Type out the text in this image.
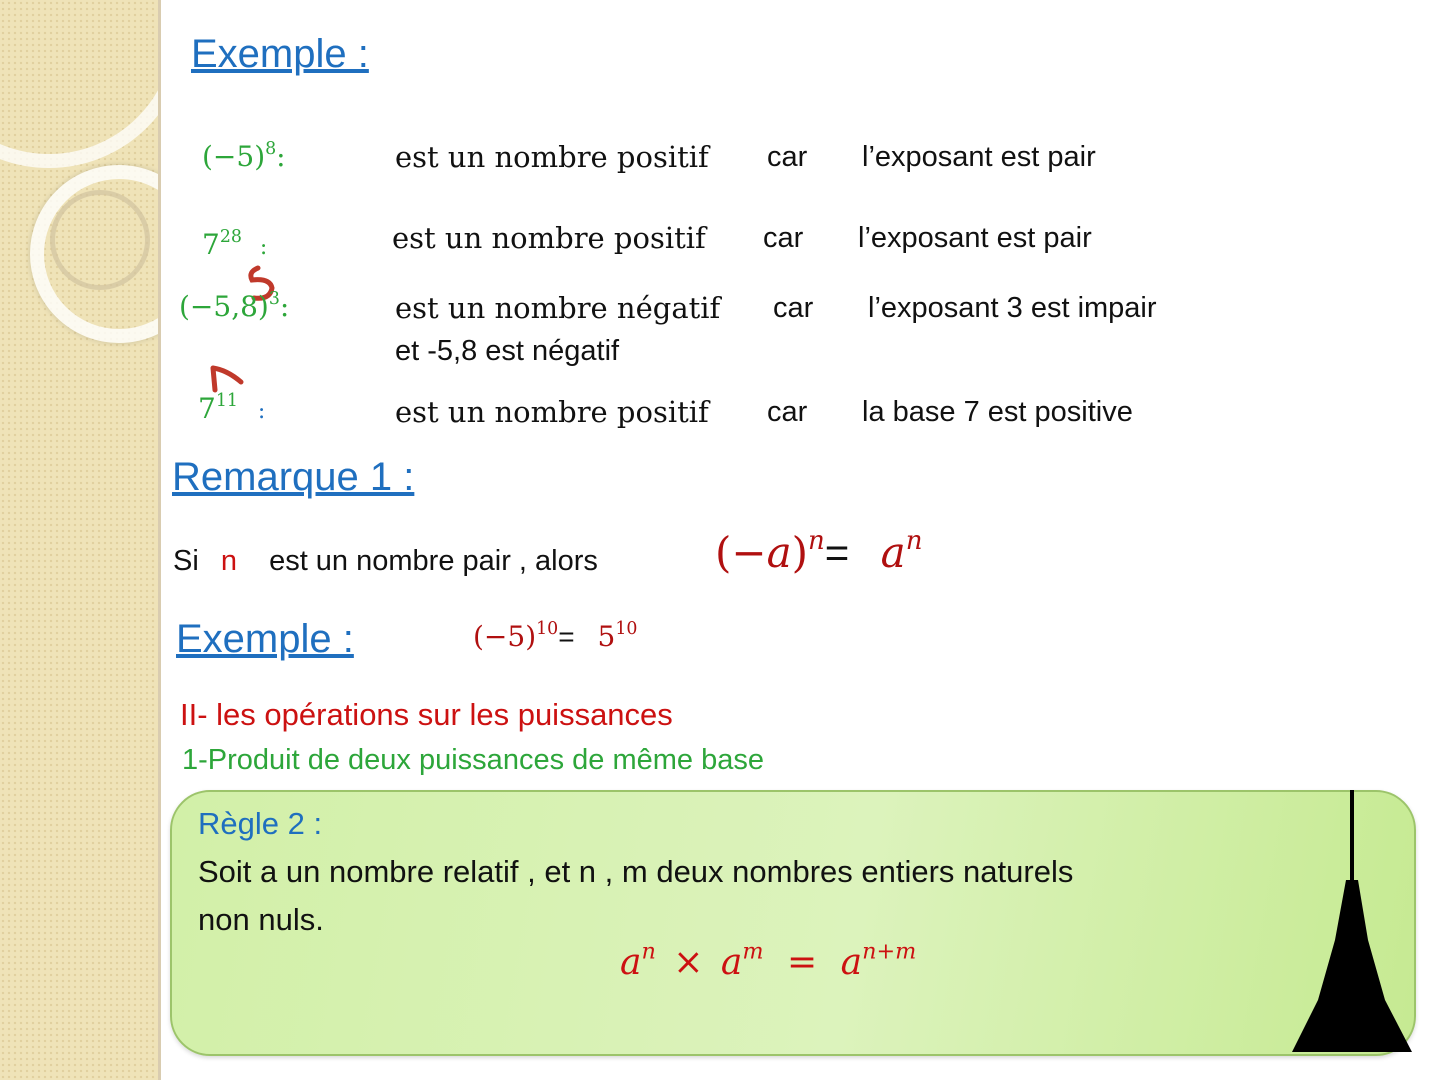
Exemple :
$(-5)^8$:	est un nombre positif car l’exposant est pair
$7^{28}$ :	est un nombre positif car l’exposant est pair
$(-5,8)^3$:	est un nombre négatif car l’exposant 3 est impair
et -5,8 est négatif
$7^{11}$ :	est un nombre positif car la base 7 est positive
Remarque 1 :
Si n est un nombre pair , alors	$(-a)^n= a^n$
Exemple :	$(-5)^{10}= 5^{10}$
II- les opérations sur les puissances
1-Produit de deux puissances de même base
Règle 2 :
Soit a un nombre relatif , et n , m deux nombres entiers naturels
non nuls.
$a^n \times a^m = a^{n+m}$
